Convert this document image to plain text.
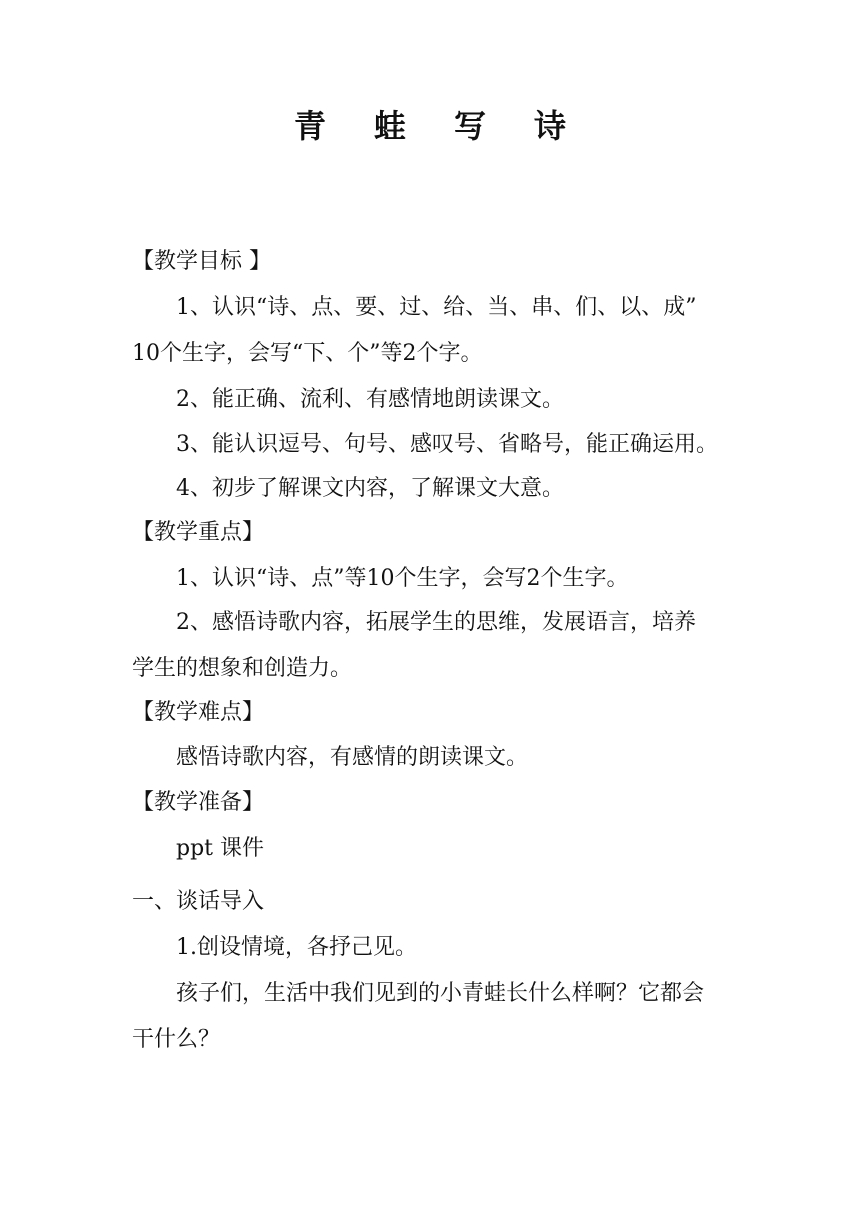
青 蛙 写 诗
【教学目标 】
1、认识“诗、点、要、过、给、当、串、们、以、成”
10个生字，会写“下、个”等2个字。
2、能正确、流利、有感情地朗读课文。
3、能认识逗号、句号、感叹号、省略号，能正确运用。
4、初步了解课文内容，了解课文大意。
【教学重点】
1、认识“诗、点”等10个生字，会写2个生字。
2、感悟诗歌内容，拓展学生的思维，发展语言，培养
学生的想象和创造力。
【教学难点】
感悟诗歌内容，有感情的朗读课文。
【教学准备】
ppt 课件
一、谈话导入
1.创设情境，各抒己见。
孩子们，生活中我们见到的小青蛙长什么样啊？它都会
干什么？
